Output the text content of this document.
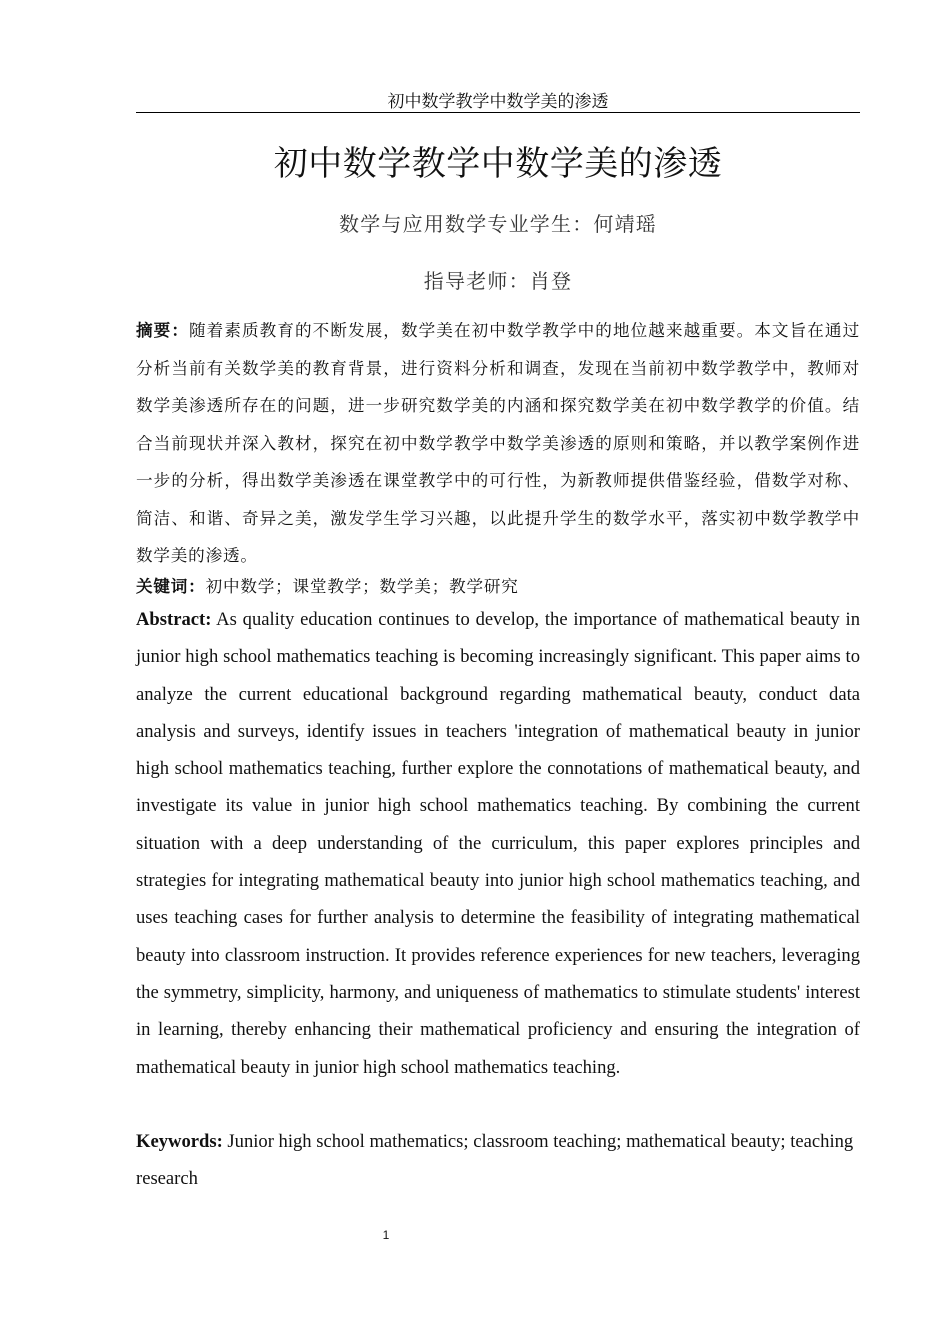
初中数学教学中数学美的渗透
初中数学教学中数学美的渗透
数学与应用数学专业学生：何靖瑶
指导老师：肖登
摘要：随着素质教育的不断发展，数学美在初中数学教学中的地位越来越重要。本文旨在通过分析当前有关数学美的教育背景，进行资料分析和调查，发现在当前初中数学教学中，教师对数学美渗透所存在的问题，进一步研究数学美的内涵和探究数学美在初中数学教学的价值。结合当前现状并深入教材，探究在初中数学教学中数学美渗透的原则和策略，并以教学案例作进一步的分析，得出数学美渗透在课堂教学中的可行性，为新教师提供借鉴经验，借数学对称、简洁、和谐、奇异之美，激发学生学习兴趣，以此提升学生的数学水平，落实初中数学教学中数学美的渗透。
关键词：初中数学；课堂教学；数学美；教学研究
Abstract: As quality education continues to develop, the importance of mathematical beauty in junior high school mathematics teaching is becoming increasingly significant. This paper aims to analyze the current educational background regarding mathematical beauty, conduct data analysis and surveys, identify issues in teachers 'integration of mathematical beauty in junior high school mathematics teaching, further explore the connotations of mathematical beauty, and investigate its value in junior high school mathematics teaching. By combining the current situation with a deep understanding of the curriculum, this paper explores principles and strategies for integrating mathematical beauty into junior high school mathematics teaching, and uses teaching cases for further analysis to determine the feasibility of integrating mathematical beauty into classroom instruction. It provides reference experiences for new teachers, leveraging the symmetry, simplicity, harmony, and uniqueness of mathematics to stimulate students' interest in learning, thereby enhancing their mathematical proficiency and ensuring the integration of mathematical beauty in junior high school mathematics teaching.
Keywords: Junior high school mathematics; classroom teaching; mathematical beauty; teaching research
1
